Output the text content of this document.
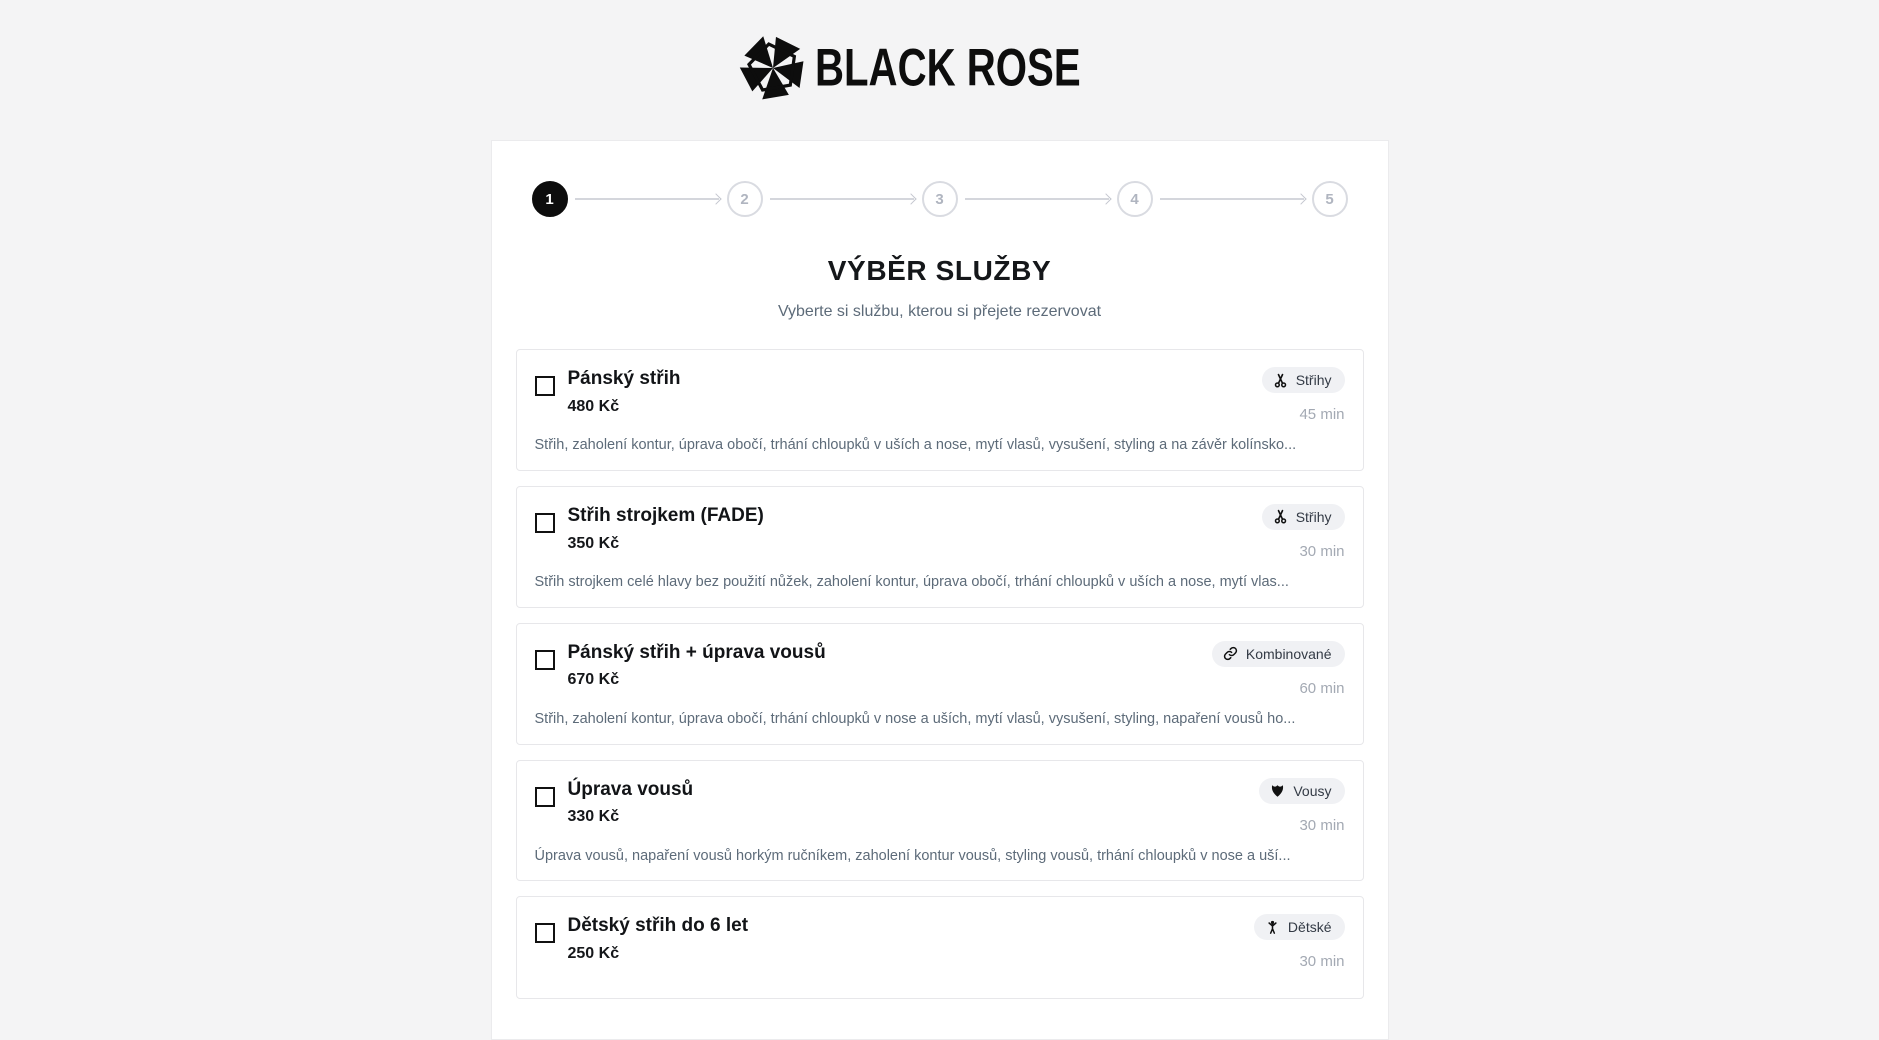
BLACK ROSE
1	2	3	4	5
VÝBĚR SLUŽBY

Vyberte si službu, kterou si přejete rezervovat

Pánský střih
480 Kč
Střihy
45 min
Střih, zaholení kontur, úprava obočí, trhání chloupků v uších a nose, mytí vlasů, vysušení, styling a na závěr kolínsko...
Střih strojkem (FADE)
350 Kč
Střihy
30 min
Střih strojkem celé hlavy bez použití nůžek, zaholení kontur, úprava obočí, trhání chloupků v uších a nose, mytí vlas...
Pánský střih + úprava vousů
670 Kč
Kombinované
60 min
Střih, zaholení kontur, úprava obočí, trhání chloupků v nose a uších, mytí vlasů, vysušení, styling, napaření vousů ho...
Úprava vousů
330 Kč
Vousy
30 min
Úprava vousů, napaření vousů horkým ručníkem, zaholení kontur vousů, styling vousů, trhání chloupků v nose a uší...
Dětský střih do 6 let
250 Kč
Dětské
30 min
